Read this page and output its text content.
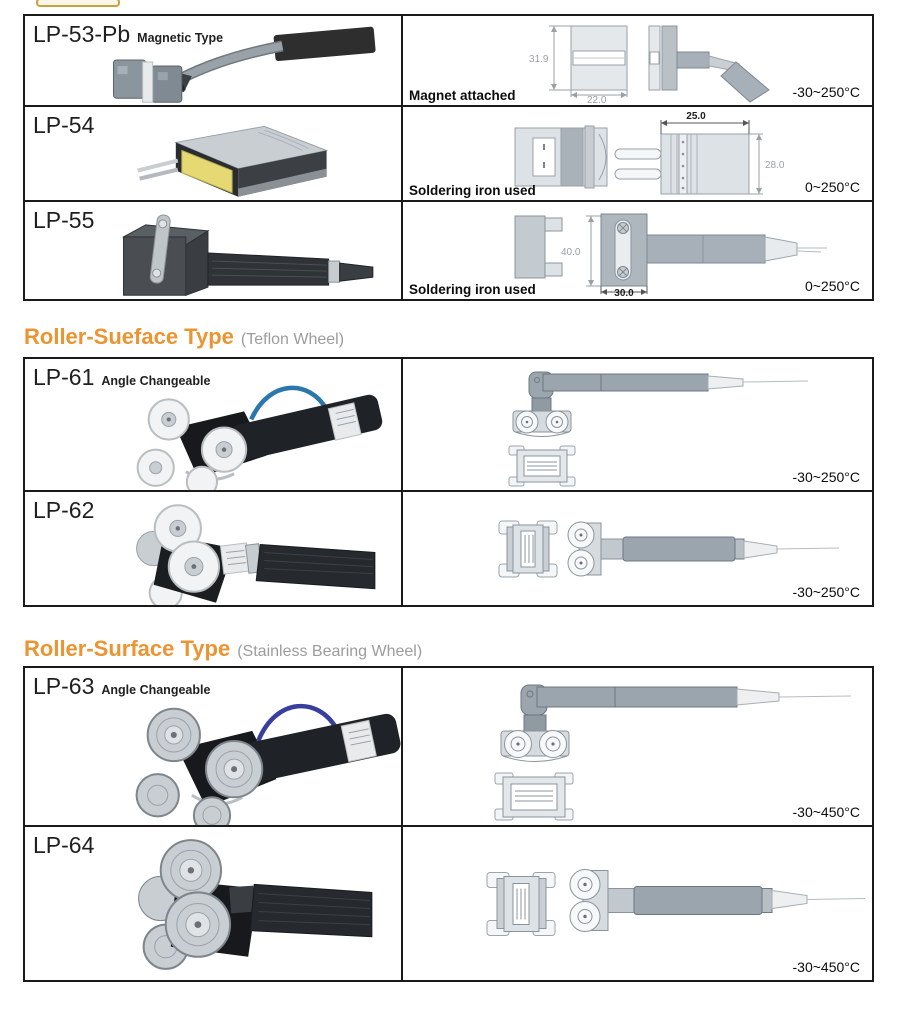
LP-53-Pb Magnetic Type	31.9
22.0
Magnet attached -30~250°C

LP-54	25.0
28.0
Soldering iron used 0~250°C

LP-55	40.0
30.0
Soldering iron used 0~250°C
Roller-Sueface Type (Teflon Wheel)
LP-61 Angle Changeable	-30~250°C

LP-62	-30~250°C
Roller-Surface Type (Stainless Bearing Wheel)
LP-63 Angle Changeable	-30~450°C

LP-64	-30~450°C
